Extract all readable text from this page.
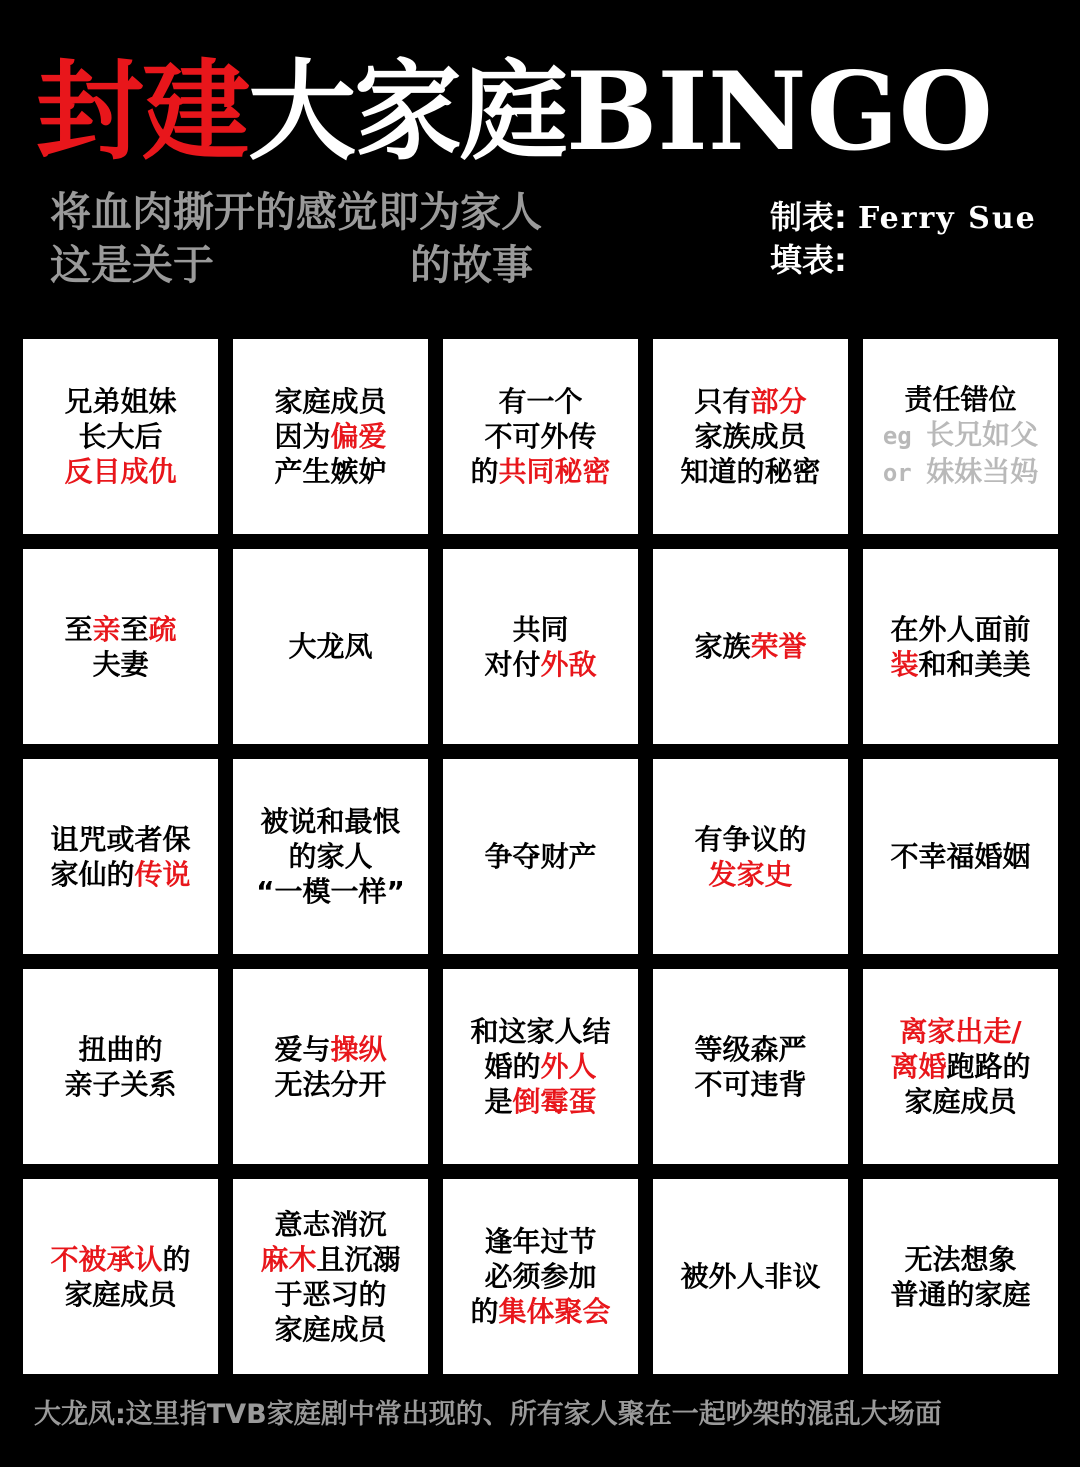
封建大家庭BINGO
将血肉撕开的感觉即为家人
这是关于	的故事
制表: Ferry Sue
填表:
兄弟姐妹
长大后
反目成仇
家庭成员
因为偏爱
产生嫉妒
有一个
不可外传
的共同秘密
只有部分
家族成员
知道的秘密
责任错位
eg 长兄如父
or 妹妹当妈
至亲至疏
夫妻
大龙凤
共同
对付外敌
家族荣誉
在外人面前
装和和美美
诅咒或者保
家仙的传说
被说和最恨
的家人
“一模一样”
争夺财产
有争议的
发家史
不幸福婚姻
扭曲的
亲子关系
爱与操纵
无法分开
和这家人结
婚的外人
是倒霉蛋
等级森严
不可违背
离家出走/
离婚跑路的
家庭成员
不被承认的
家庭成员
意志消沉
麻木且沉溺
于恶习的
家庭成员
逢年过节
必须参加
的集体聚会
被外人非议
无法想象
普通的家庭
大龙凤:这里指TVB家庭剧中常出现的、所有家人聚在一起吵架的混乱大场面
